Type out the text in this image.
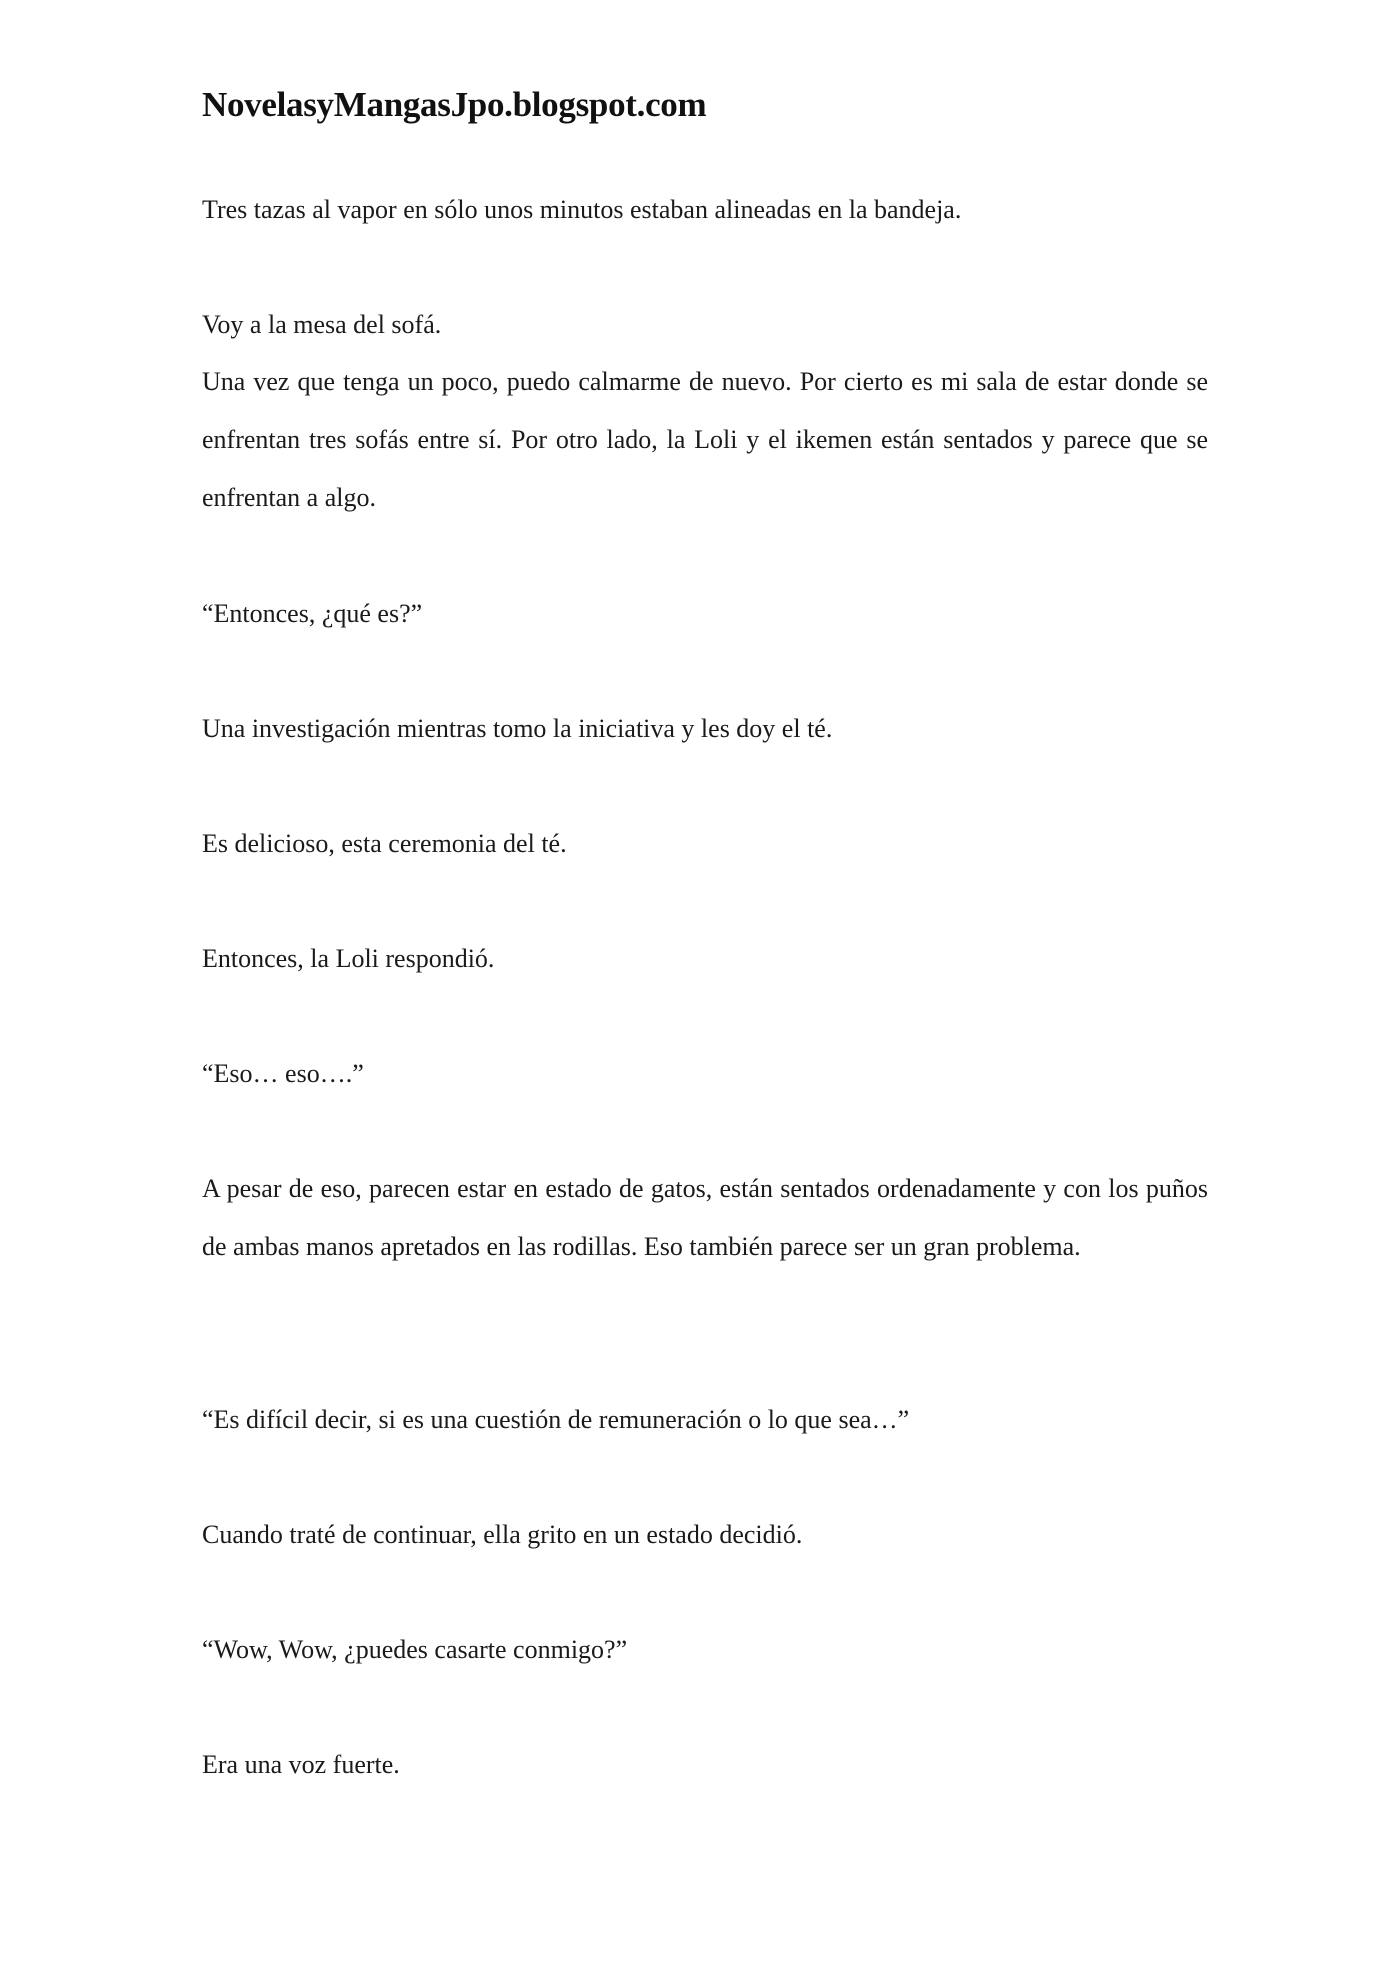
NovelasyMangasJpo.blogspot.com

Tres tazas al vapor en sólo unos minutos estaban alineadas en la bandeja.

Voy a la mesa del sofá.

Una vez que tenga un poco, puedo calmarme de nuevo. Por cierto es mi sala de estar donde se enfrentan tres sofás entre sí. Por otro lado, la Loli y el ikemen están sentados y parece que se enfrentan a algo.

“Entonces, ¿qué es?”

Una investigación mientras tomo la iniciativa y les doy el té.

Es delicioso, esta ceremonia del té.

Entonces, la Loli respondió.

“Eso… eso….”

A pesar de eso, parecen estar en estado de gatos, están sentados ordenadamente y con los puños de ambas manos apretados en las rodillas. Eso también parece ser un gran problema.

“Es difícil decir, si es una cuestión de remuneración o lo que sea…”

Cuando traté de continuar, ella grito en un estado decidió.

“Wow, Wow, ¿puedes casarte conmigo?”

Era una voz fuerte.
